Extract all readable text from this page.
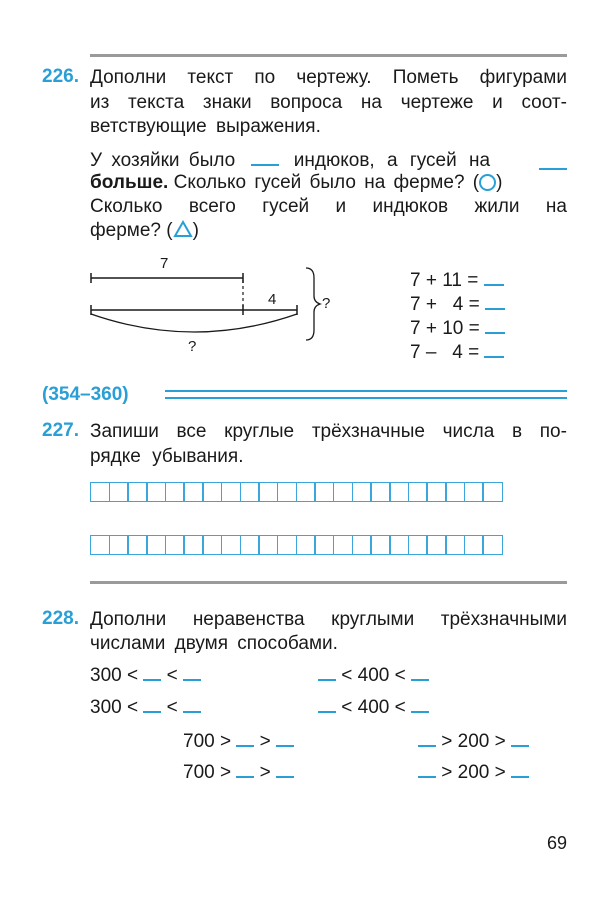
226. Дополни текст по чертежу. Пометь фигурами
из текста знаки вопроса на чертеже и соот-
ветствующие выражения.
У хозяйки было	индюков, а гусей на
больше. Сколько гусей было на ферме? ( )
Сколько всего гусей и индюков жили на
ферме? ( )
7
4	?
?
7 + 11 =
7 +   4 =
7 + 10 =
7 –   4 =
(354–360)
227. Запиши все круглые трёхзначные числа в по-
рядке убывания.
228. Дополни неравенства круглыми трёхзначными
числами двумя способами.
300 < <	< 400 <
300 < <	< 400 <
700 > >	> 200 >
700 > >	> 200 >
69
